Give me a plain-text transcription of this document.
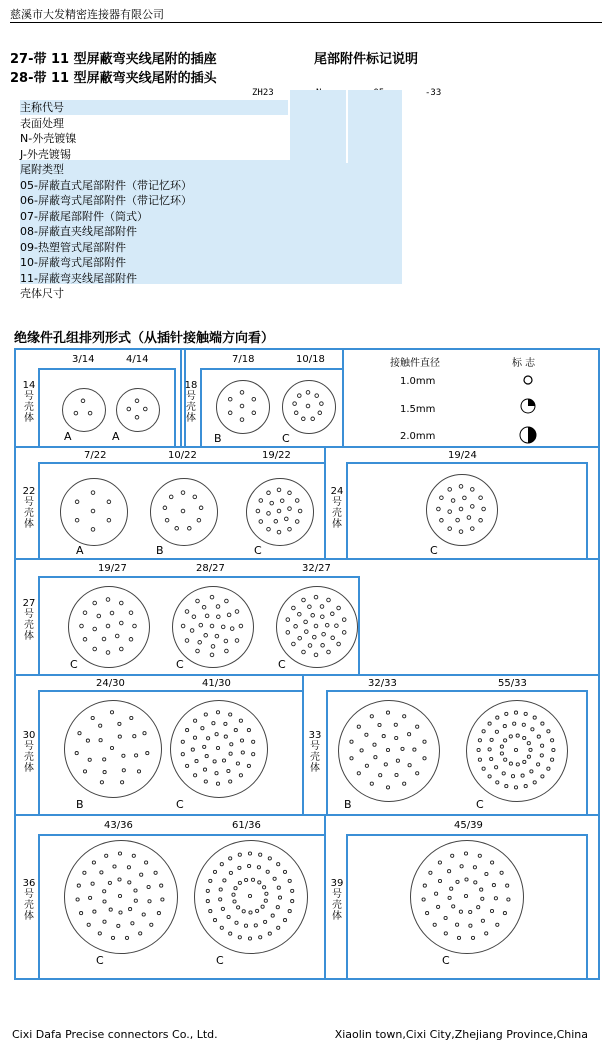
慈溪市大发精密连接器有限公司
27-带 11 型屏蔽弯夹线尾附的插座
28-带 11 型屏蔽弯夹线尾附的插头
尾部附件标记说明
ZH23	-33
主称代号
表面处理
N-外壳镀镍
J-外壳镀锡
尾附类型
05-屏蔽直式尾部附件（带记忆环）
06-屏蔽弯式尾部附件（带记忆环）
07-屏蔽尾部附件（筒式）
08-屏蔽直夹线尾部附件
09-热塑管式尾部附件
10-屏蔽弯式尾部附件
11-屏蔽弯夹线尾部附件
壳体尺寸
绝缘件孔组排列形式（从插针接触端方向看）
14号壳体
18号壳体
22号壳体
24号壳体
27号壳体
30号壳体
33号壳体
36号壳体
39号壳体
3/14	4/14	7/18	10/18
7/22	10/22	19/22	19/24
19/27	28/27	32/27
24/30	41/30	32/33	55/33
43/36	61/36	45/39
接触件直径	标 志
1.0mm
1.5mm
2.0mm
A	A	B	C
A	B	C	C
C	C	C
B	C	B	C
C	C	C
Cixi Dafa Precise connectors Co., Ltd.	Xiaolin town,Cixi City,Zhejiang Province,China
